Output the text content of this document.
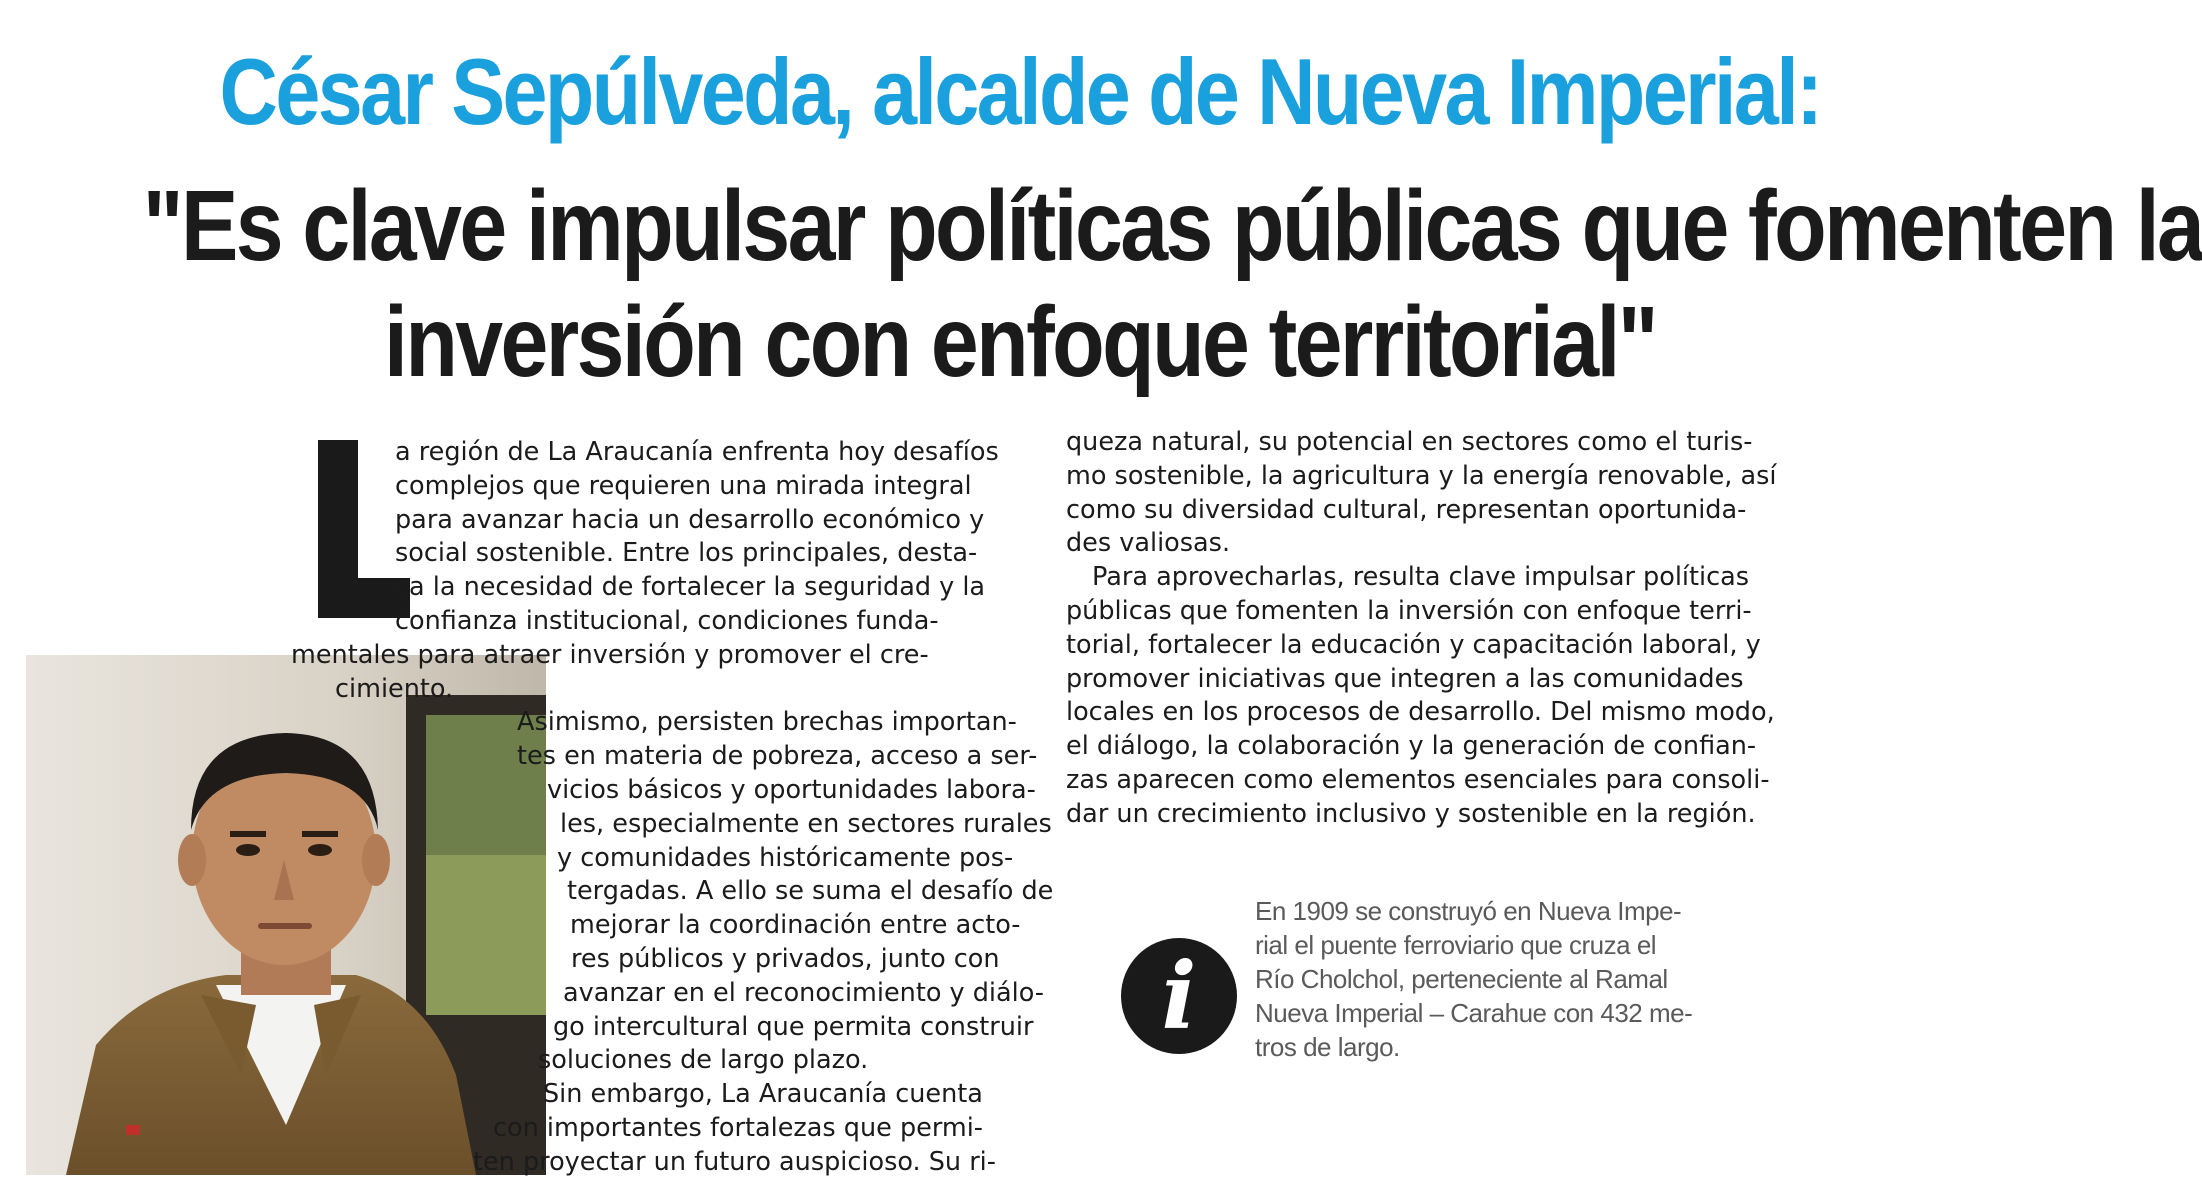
César Sepúlveda, alcalde de Nueva Imperial:
"Es clave impulsar políticas públicas que fomenten la
inversión con enfoque territorial"
L
a región de La Araucanía enfrenta hoy desafíos
complejos que requieren una mirada integral
para avanzar hacia un desarrollo económico y
social sostenible. Entre los principales, desta-
ca la necesidad de fortalecer la seguridad y la
confianza institucional, condiciones funda-
mentales para atraer inversión y promover el cre-
cimiento.
Asimismo, persisten brechas importan-
tes en materia de pobreza, acceso a ser-
vicios básicos y oportunidades labora-
les, especialmente en sectores rurales
y comunidades históricamente pos-
tergadas. A ello se suma el desafío de
mejorar la coordinación entre acto-
res públicos y privados, junto con
avanzar en el reconocimiento y diálo-
go intercultural que permita construir
soluciones de largo plazo.
Sin embargo, La Araucanía cuenta
con importantes fortalezas que permi-
ten proyectar un futuro auspicioso. Su ri-
queza natural, su potencial en sectores como el turis-
mo sostenible, la agricultura y la energía renovable, así
como su diversidad cultural, representan oportunida-
des valiosas.
Para aprovecharlas, resulta clave impulsar políticas
públicas que fomenten la inversión con enfoque terri-
torial, fortalecer la educación y capacitación laboral, y
promover iniciativas que integren a las comunidades
locales en los procesos de desarrollo. Del mismo modo,
el diálogo, la colaboración y la generación de confian-
zas aparecen como elementos esenciales para consoli-
dar un crecimiento inclusivo y sostenible en la región.
i
En 1909 se construyó en Nueva Impe-
rial el puente ferroviario que cruza el
Río Cholchol, perteneciente al Ramal
Nueva Imperial – Carahue con 432 me-
tros de largo.
